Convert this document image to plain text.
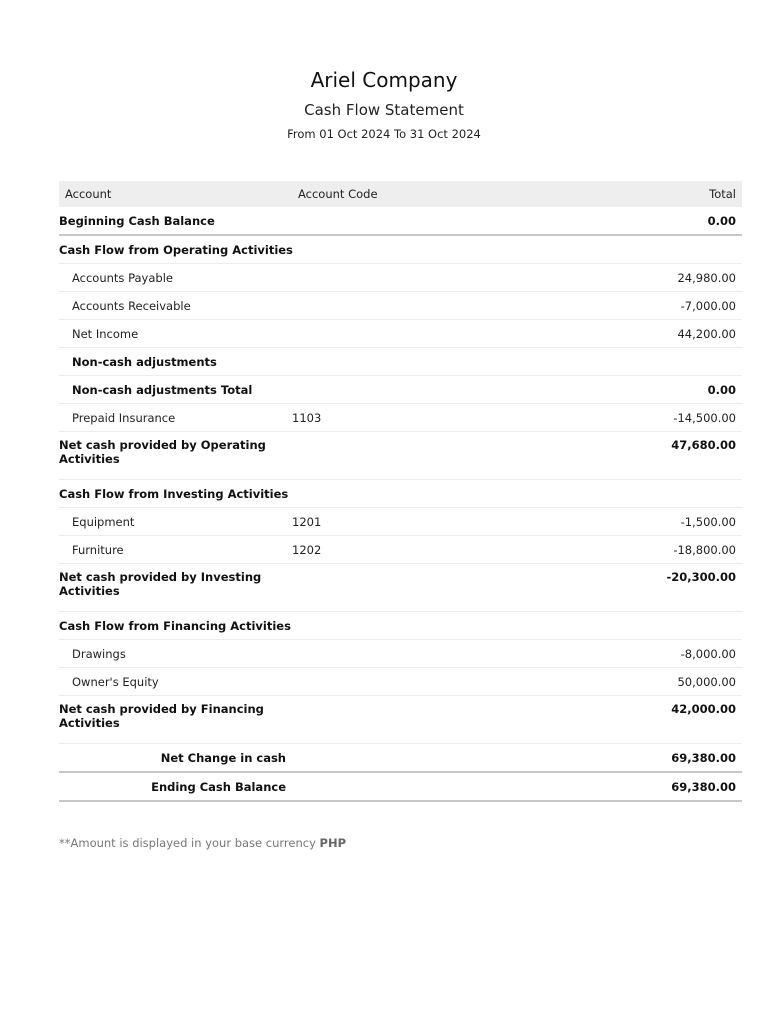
Ariel Company
Cash Flow Statement
From 01 Oct 2024 To 31 Oct 2024
Account	Account Code	Total
Beginning Cash Balance		0.00
Cash Flow from Operating Activities		
Accounts Payable		24,980.00
Accounts Receivable		-7,000.00
Net Income		44,200.00
Non-cash adjustments		
Non-cash adjustments Total		0.00
Prepaid Insurance	1103	-14,500.00
Net cash provided by Operating Activities		47,680.00
Cash Flow from Investing Activities		
Equipment	1201	-1,500.00
Furniture	1202	-18,800.00
Net cash provided by Investing Activities		-20,300.00
Cash Flow from Financing Activities		
Drawings		-8,000.00
Owner's Equity		50,000.00
Net cash provided by Financing Activities		42,000.00
Net Change in cash		69,380.00
Ending Cash Balance		69,380.00
**Amount is displayed in your base currency PHP
